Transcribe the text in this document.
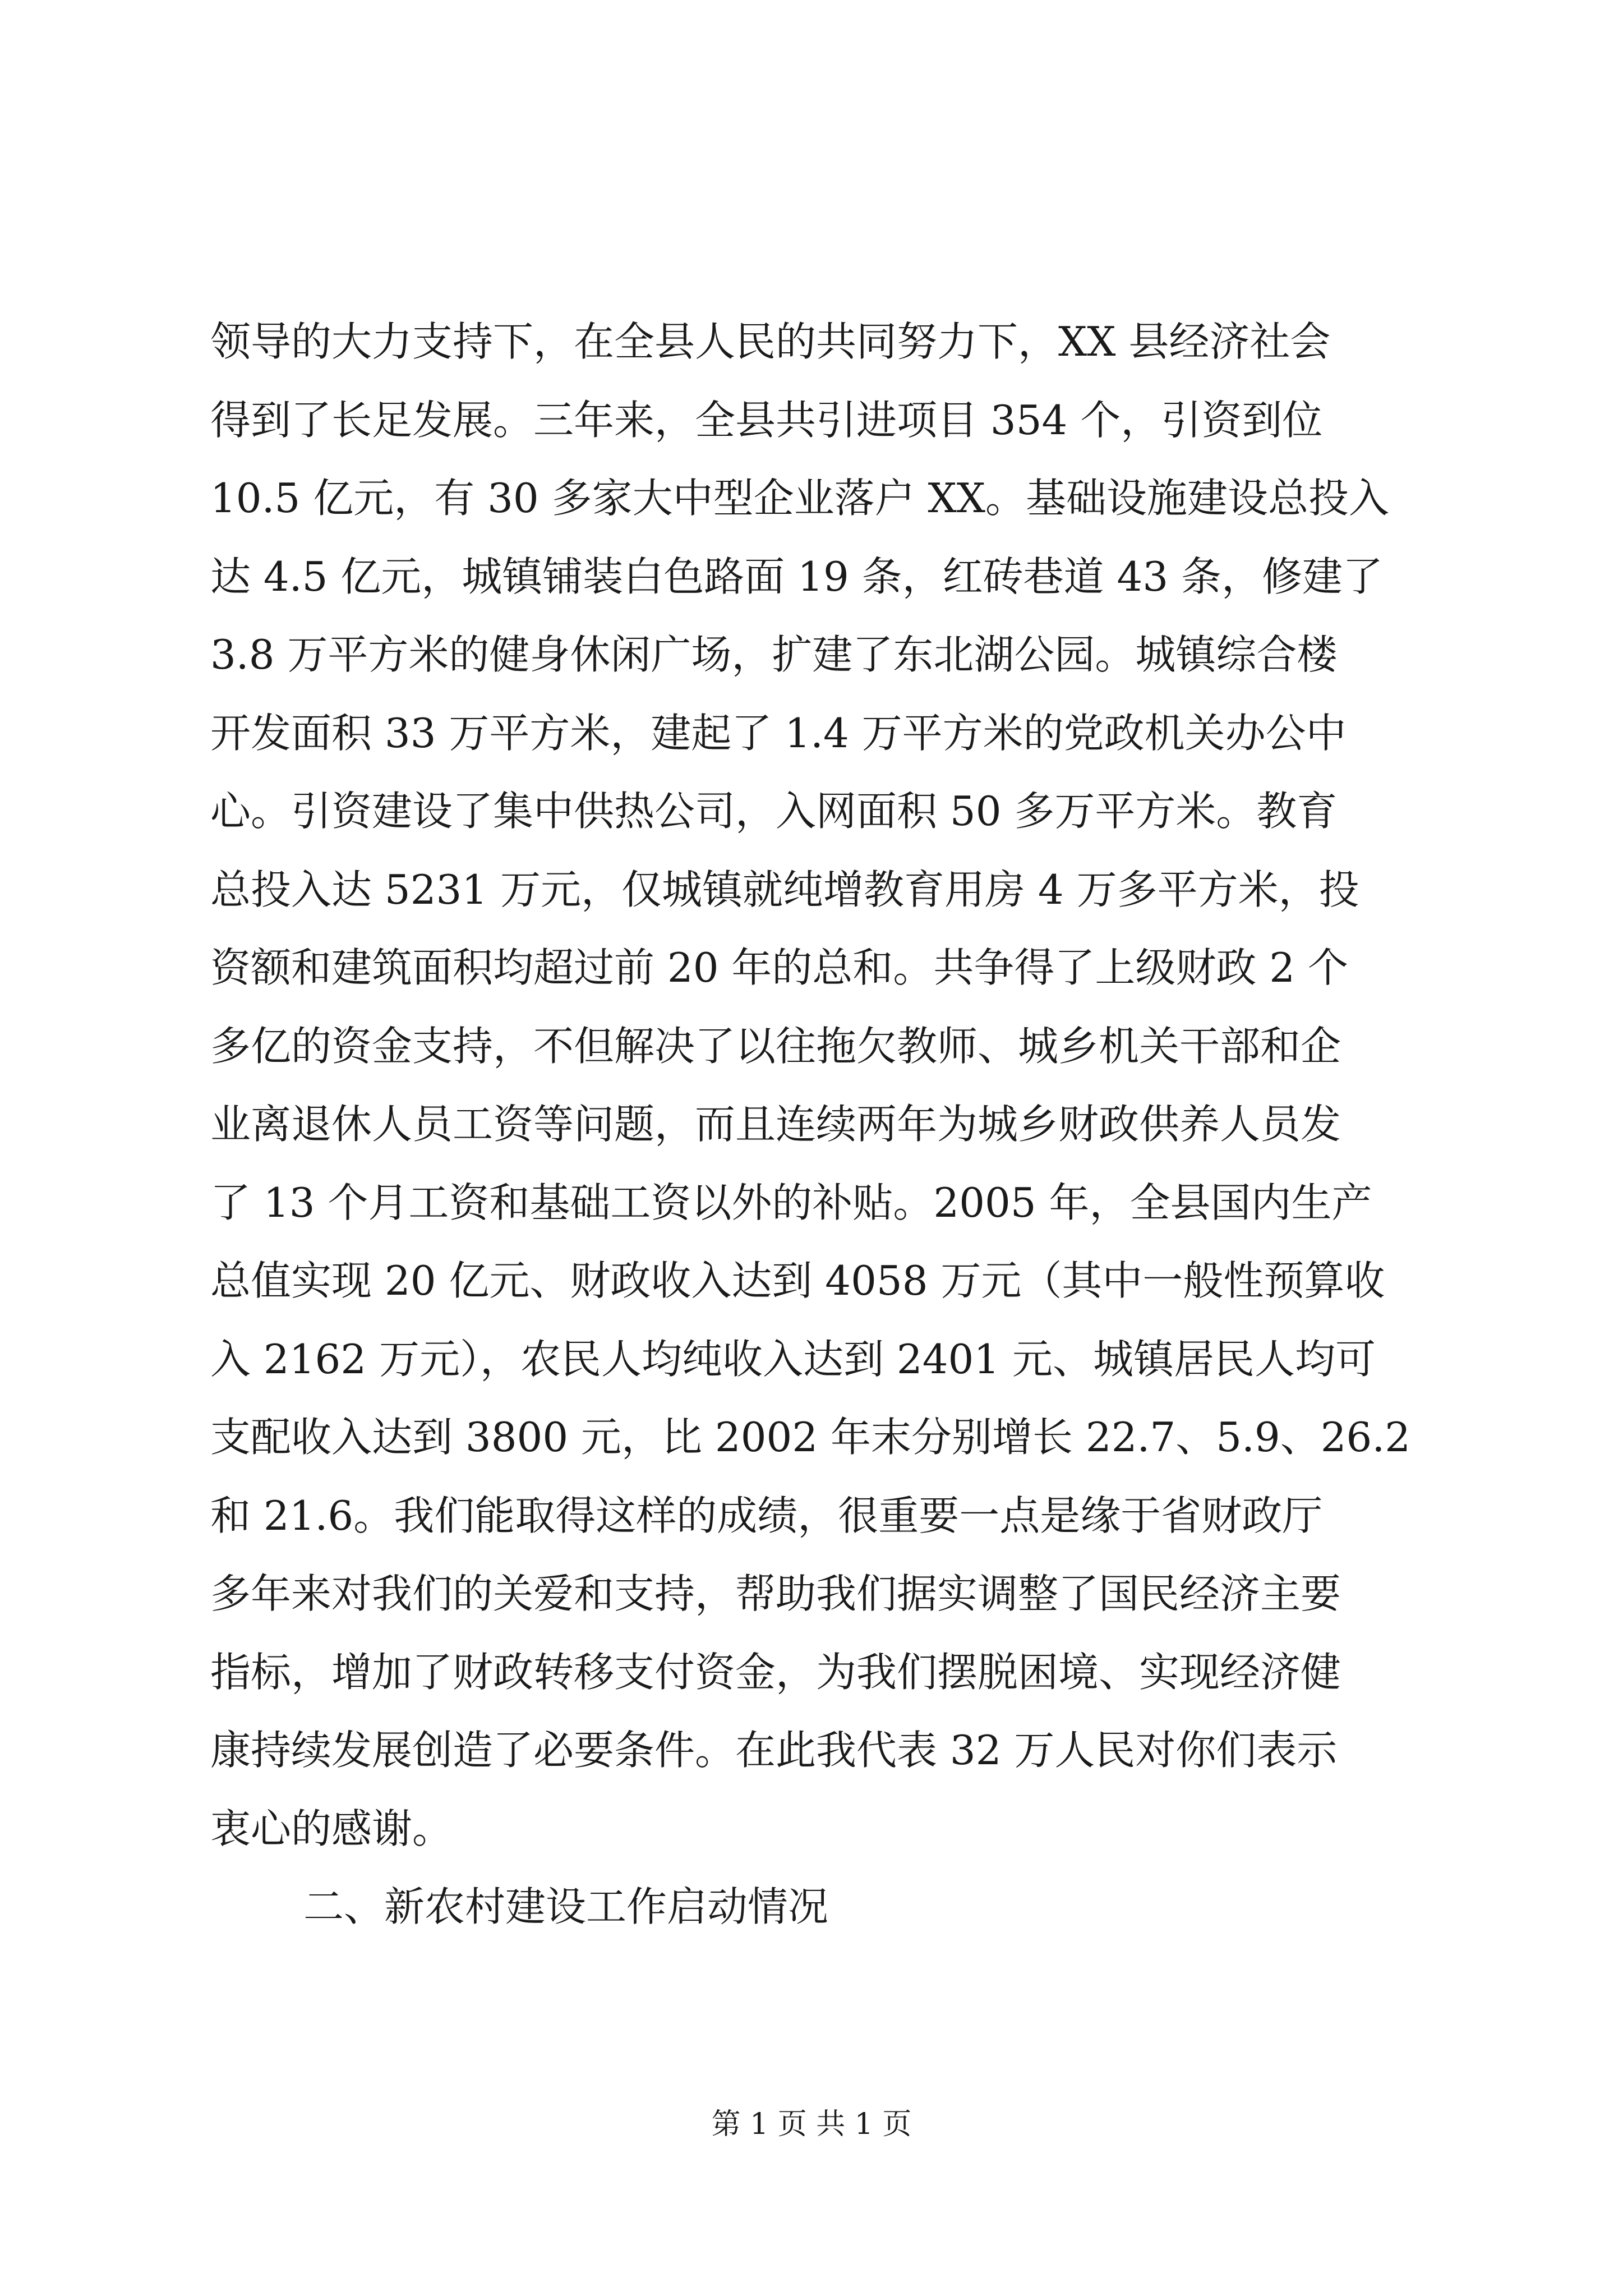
领导的大力支持下，在全县人民的共同努力下，XX 县经济社会
得到了长足发展。三年来，全县共引进项目 354 个，引资到位
10.5 亿元，有 30 多家大中型企业落户 XX。基础设施建设总投入
达 4.5 亿元，城镇铺装白色路面 19 条，红砖巷道 43 条，修建了
3.8 万平方米的健身休闲广场，扩建了东北湖公园。城镇综合楼
开发面积 33 万平方米，建起了 1.4 万平方米的党政机关办公中
心。引资建设了集中供热公司，入网面积 50 多万平方米。教育
总投入达 5231 万元，仅城镇就纯增教育用房 4 万多平方米，投
资额和建筑面积均超过前 20 年的总和。共争得了上级财政 2 个
多亿的资金支持，不但解决了以往拖欠教师、城乡机关干部和企
业离退休人员工资等问题，而且连续两年为城乡财政供养人员发
了 13 个月工资和基础工资以外的补贴。2005 年，全县国内生产
总值实现 20 亿元、财政收入达到 4058 万元（其中一般性预算收
入 2162 万元），农民人均纯收入达到 2401 元、城镇居民人均可
支配收入达到 3800 元，比 2002 年末分别增长 22.7、5.9、26.2
和 21.6。我们能取得这样的成绩，很重要一点是缘于省财政厅
多年来对我们的关爱和支持，帮助我们据实调整了国民经济主要
指标，增加了财政转移支付资金，为我们摆脱困境、实现经济健
康持续发展创造了必要条件。在此我代表 32 万人民对你们表示
衷心的感谢。
二、新农村建设工作启动情况
第 1 页 共 1 页
